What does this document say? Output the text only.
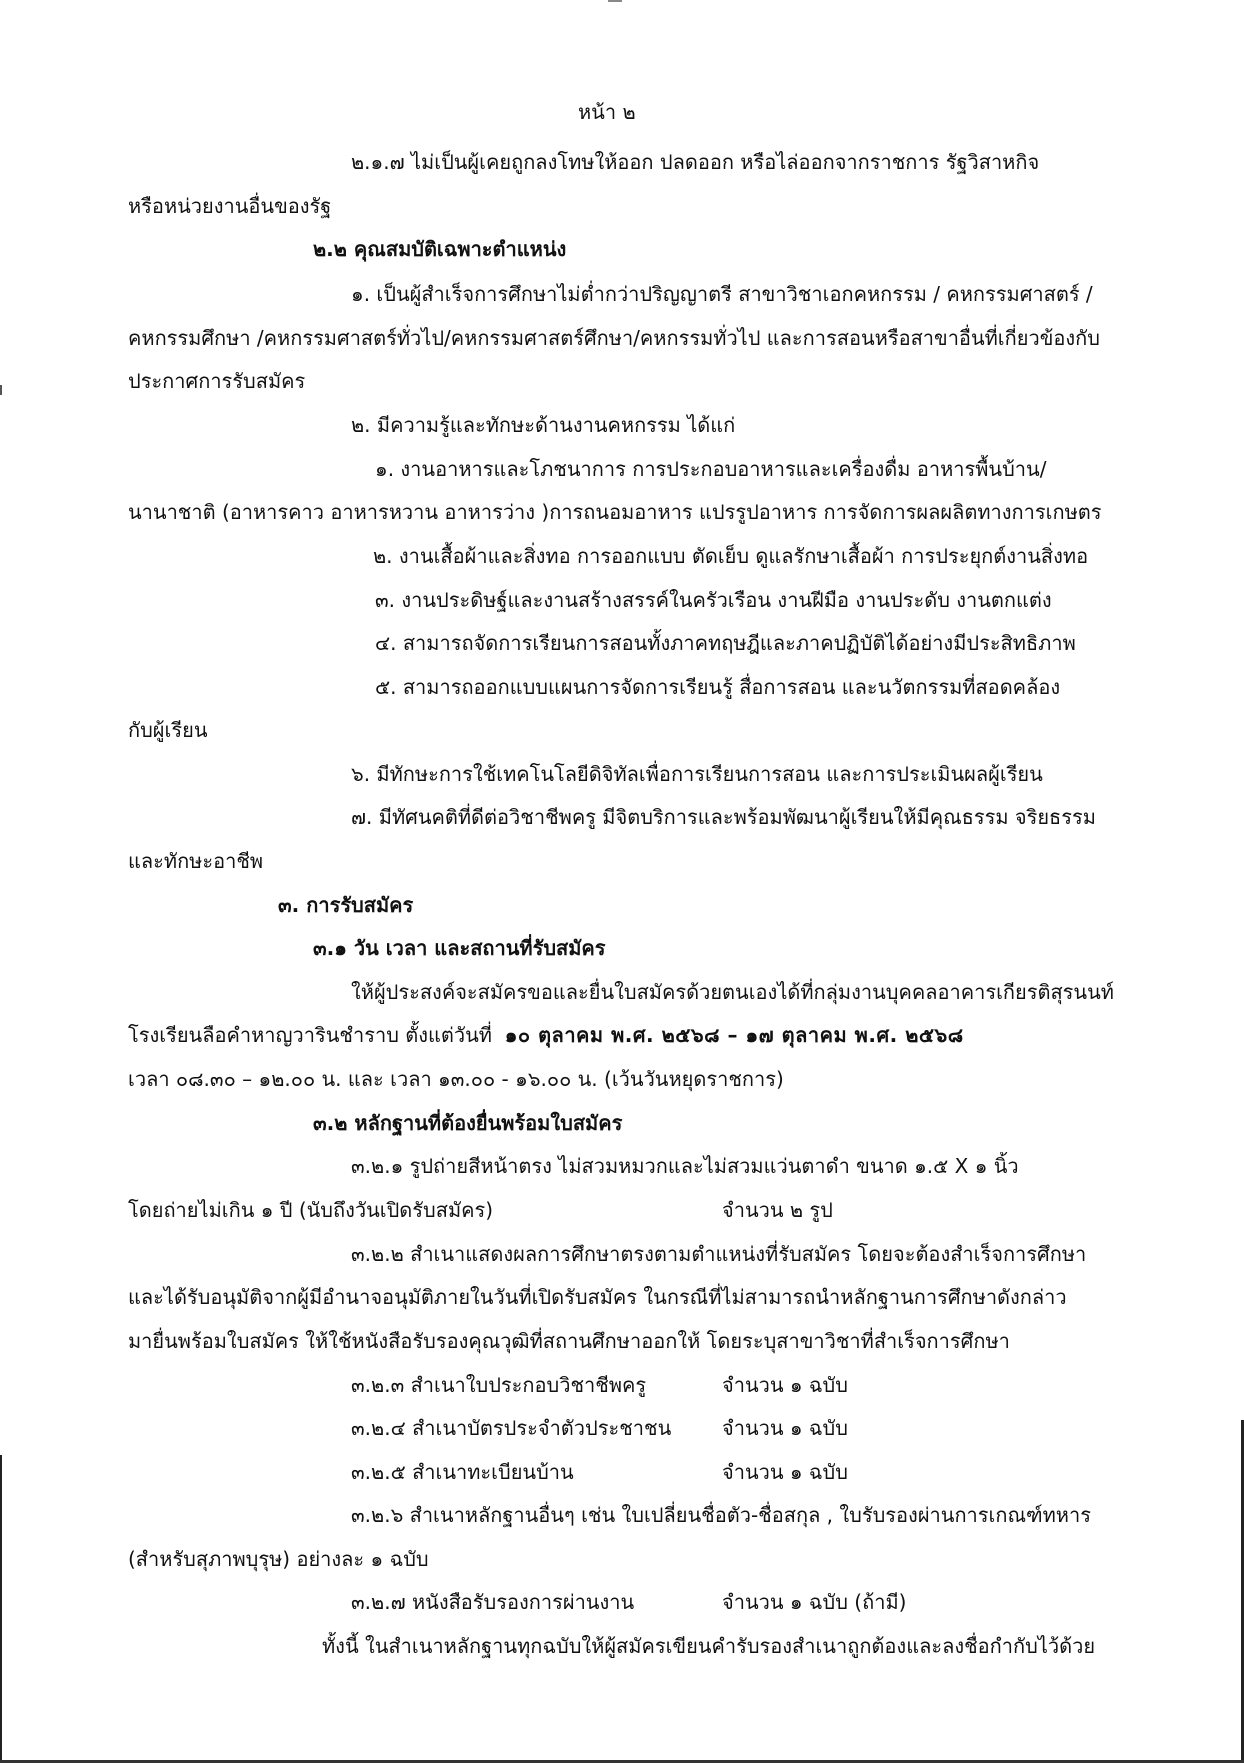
หน้า ๒
๒.๑.๗ ไม่เป็นผู้เคยถูกลงโทษให้ออก ปลดออก หรือไล่ออกจากราชการ รัฐวิสาหกิจ
หรือหน่วยงานอื่นของรัฐ
๒.๒ คุณสมบัติเฉพาะตำแหน่ง
๑. เป็นผู้สำเร็จการศึกษาไม่ต่ำกว่าปริญญาตรี สาขาวิชาเอกคหกรรม / คหกรรมศาสตร์ /
คหกรรมศึกษา /คหกรรมศาสตร์ทั่วไป/คหกรรมศาสตร์ศึกษา/คหกรรมทั่วไป และการสอนหรือสาขาอื่นที่เกี่ยวข้องกับ
ประกาศการรับสมัคร
๒. มีความรู้และทักษะด้านงานคหกรรม ได้แก่
๑. งานอาหารและโภชนาการ การประกอบอาหารและเครื่องดื่ม อาหารพื้นบ้าน/
นานาชาติ (อาหารคาว อาหารหวาน อาหารว่าง )การถนอมอาหาร แปรรูปอาหาร การจัดการผลผลิตทางการเกษตร
๒. งานเสื้อผ้าและสิ่งทอ การออกแบบ ตัดเย็บ ดูแลรักษาเสื้อผ้า การประยุกต์งานสิ่งทอ
๓. งานประดิษฐ์และงานสร้างสรรค์ในครัวเรือน งานฝีมือ งานประดับ งานตกแต่ง
๔. สามารถจัดการเรียนการสอนทั้งภาคทฤษฎีและภาคปฏิบัติได้อย่างมีประสิทธิภาพ
๕. สามารถออกแบบแผนการจัดการเรียนรู้ สื่อการสอน และนวัตกรรมที่สอดคล้อง
กับผู้เรียน
๖. มีทักษะการใช้เทคโนโลยีดิจิทัลเพื่อการเรียนการสอน และการประเมินผลผู้เรียน
๗. มีทัศนคติที่ดีต่อวิชาชีพครู มีจิตบริการและพร้อมพัฒนาผู้เรียนให้มีคุณธรรม จริยธรรม
และทักษะอาชีพ
๓. การรับสมัคร
๓.๑ วัน เวลา และสถานที่รับสมัคร
ให้ผู้ประสงค์จะสมัครขอและยื่นใบสมัครด้วยตนเองได้ที่กลุ่มงานบุคคลอาคารเกียรติสุรนนท์
โรงเรียนลือคำหาญวารินชำราบ ตั้งแต่วันที่ ๑๐ ตุลาคม พ.ศ. ๒๕๖๘ – ๑๗ ตุลาคม พ.ศ. ๒๕๖๘
เวลา ๐๘.๓๐ – ๑๒.๐๐ น. และ เวลา ๑๓.๐๐ - ๑๖.๐๐ น. (เว้นวันหยุดราชการ)
๓.๒ หลักฐานที่ต้องยื่นพร้อมใบสมัคร
๓.๒.๑ รูปถ่ายสีหน้าตรง ไม่สวมหมวกและไม่สวมแว่นตาดำ ขนาด ๑.๕ X ๑ นิ้ว
โดยถ่ายไม่เกิน ๑ ปี (นับถึงวันเปิดรับสมัคร)	จำนวน ๒ รูป
๓.๒.๒ สำเนาแสดงผลการศึกษาตรงตามตำแหน่งที่รับสมัคร โดยจะต้องสำเร็จการศึกษา
และได้รับอนุมัติจากผู้มีอำนาจอนุมัติภายในวันที่เปิดรับสมัคร ในกรณีที่ไม่สามารถนำหลักฐานการศึกษาดังกล่าว
มายื่นพร้อมใบสมัคร ให้ใช้หนังสือรับรองคุณวุฒิที่สถานศึกษาออกให้ โดยระบุสาขาวิชาที่สำเร็จการศึกษา
๓.๒.๓ สำเนาใบประกอบวิชาชีพครู	จำนวน ๑ ฉบับ
๓.๒.๔ สำเนาบัตรประจำตัวประชาชน	จำนวน ๑ ฉบับ
๓.๒.๕ สำเนาทะเบียนบ้าน	จำนวน ๑ ฉบับ
๓.๒.๖ สำเนาหลักฐานอื่นๆ เช่น ใบเปลี่ยนชื่อตัว-ชื่อสกุล , ใบรับรองผ่านการเกณฑ์ทหาร
(สำหรับสุภาพบุรุษ) อย่างละ ๑ ฉบับ
๓.๒.๗ หนังสือรับรองการผ่านงาน	จำนวน ๑ ฉบับ (ถ้ามี)
ทั้งนี้ ในสำเนาหลักฐานทุกฉบับให้ผู้สมัครเขียนคำรับรองสำเนาถูกต้องและลงชื่อกำกับไว้ด้วย
